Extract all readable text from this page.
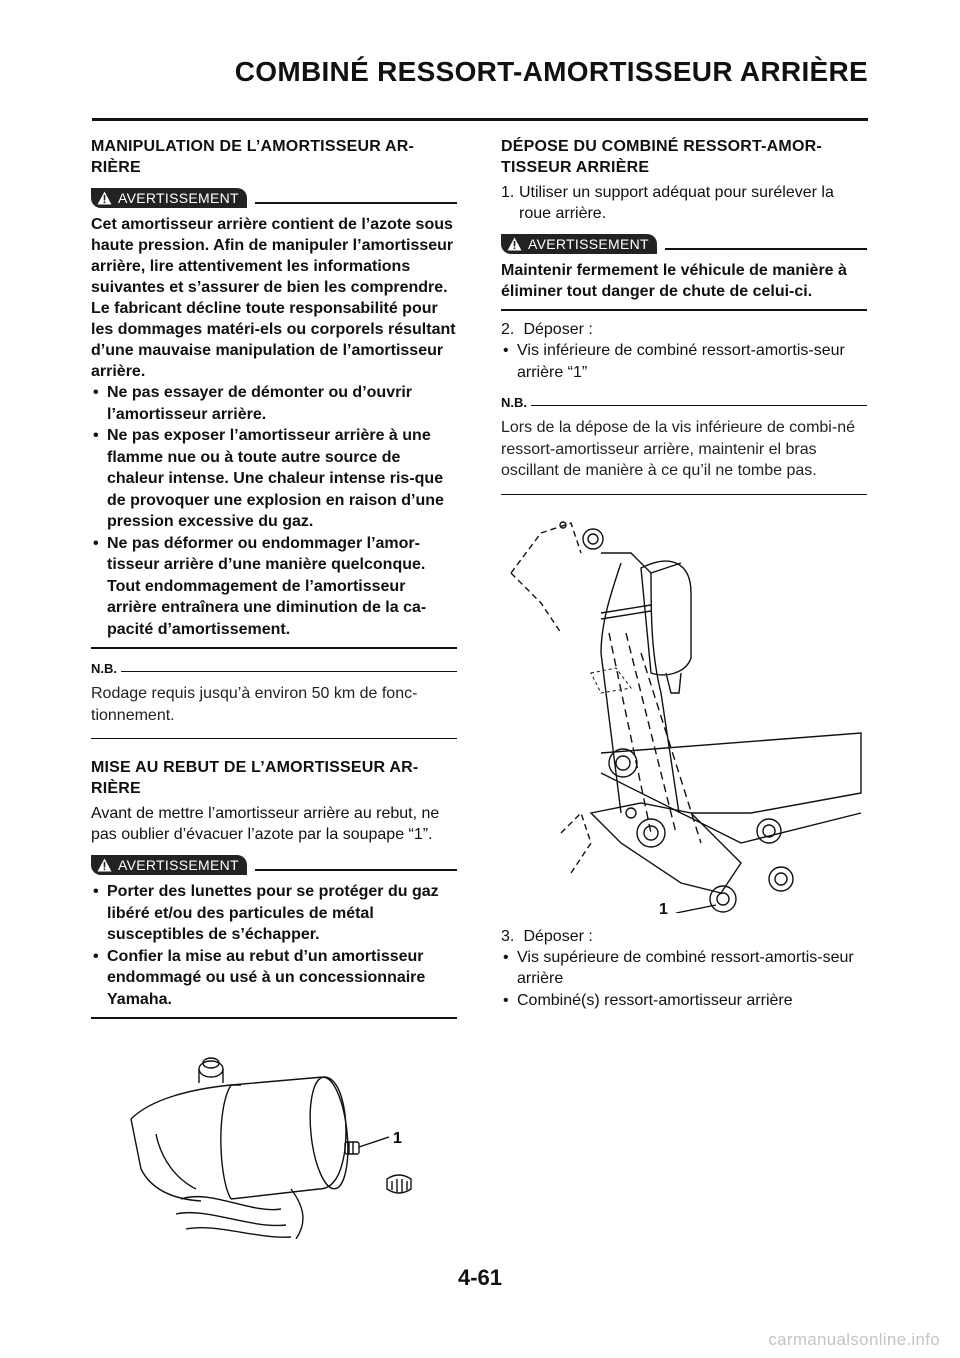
COMBINÉ RESSORT-AMORTISSEUR ARRIÈRE
MANIPULATION DE L’AMORTISSEUR AR-RIÈRE
AVERTISSEMENT

Cet amortisseur arrière contient de l’azote sous haute pression. Afin de manipuler l’amortisseur arrière, lire attentivement les informations suivantes et s’assurer de bien les comprendre. Le fabricant décline toute responsabilité pour les dommages matéri-els ou corporels résultant d’une mauvaise manipulation de l’amortisseur arrière.

• Ne pas essayer de démonter ou d’ouvrir l’amortisseur arrière.
• Ne pas exposer l’amortisseur arrière à une flamme nue ou à toute autre source de chaleur intense. Une chaleur intense ris-que de provoquer une explosion en raison d’une pression excessive du gaz.
• Ne pas déformer ou endommager l’amor-tisseur arrière d’une manière quelconque. Tout endommagement de l’amortisseur arrière entraînera une diminution de la ca-pacité d’amortissement.
N.B.
Rodage requis jusqu’à environ 50 km de fonc-tionnement.
MISE AU REBUT DE L’AMORTISSEUR AR-RIÈRE

Avant de mettre l’amortisseur arrière au rebut, ne pas oublier d’évacuer l’azote par la soupape “1”.

AVERTISSEMENT
• Porter des lunettes pour se protéger du gaz libéré et/ou des particules de métal susceptibles de s’échapper.
• Confier la mise au rebut d’un amortisseur endommagé ou usé à un concessionnaire Yamaha.
1
DÉPOSE DU COMBINÉ RESSORT-AMOR-TISSEUR ARRIÈRE
1. Utiliser un support adéquat pour surélever la roue arrière.
AVERTISSEMENT

Maintenir fermement le véhicule de manière à éliminer tout danger de chute de celui-ci.

2. Déposer :
• Vis inférieure de combiné ressort-amortis-seur arrière “1”
N.B.
Lors de la dépose de la vis inférieure de combi-né ressort-amortisseur arrière, maintenir el bras oscillant de manière à ce qu’il ne tombe pas.
1
3. Déposer :
• Vis supérieure de combiné ressort-amortis-seur arrière
• Combiné(s) ressort-amortisseur arrière
4-61
carmanualsonline.info
